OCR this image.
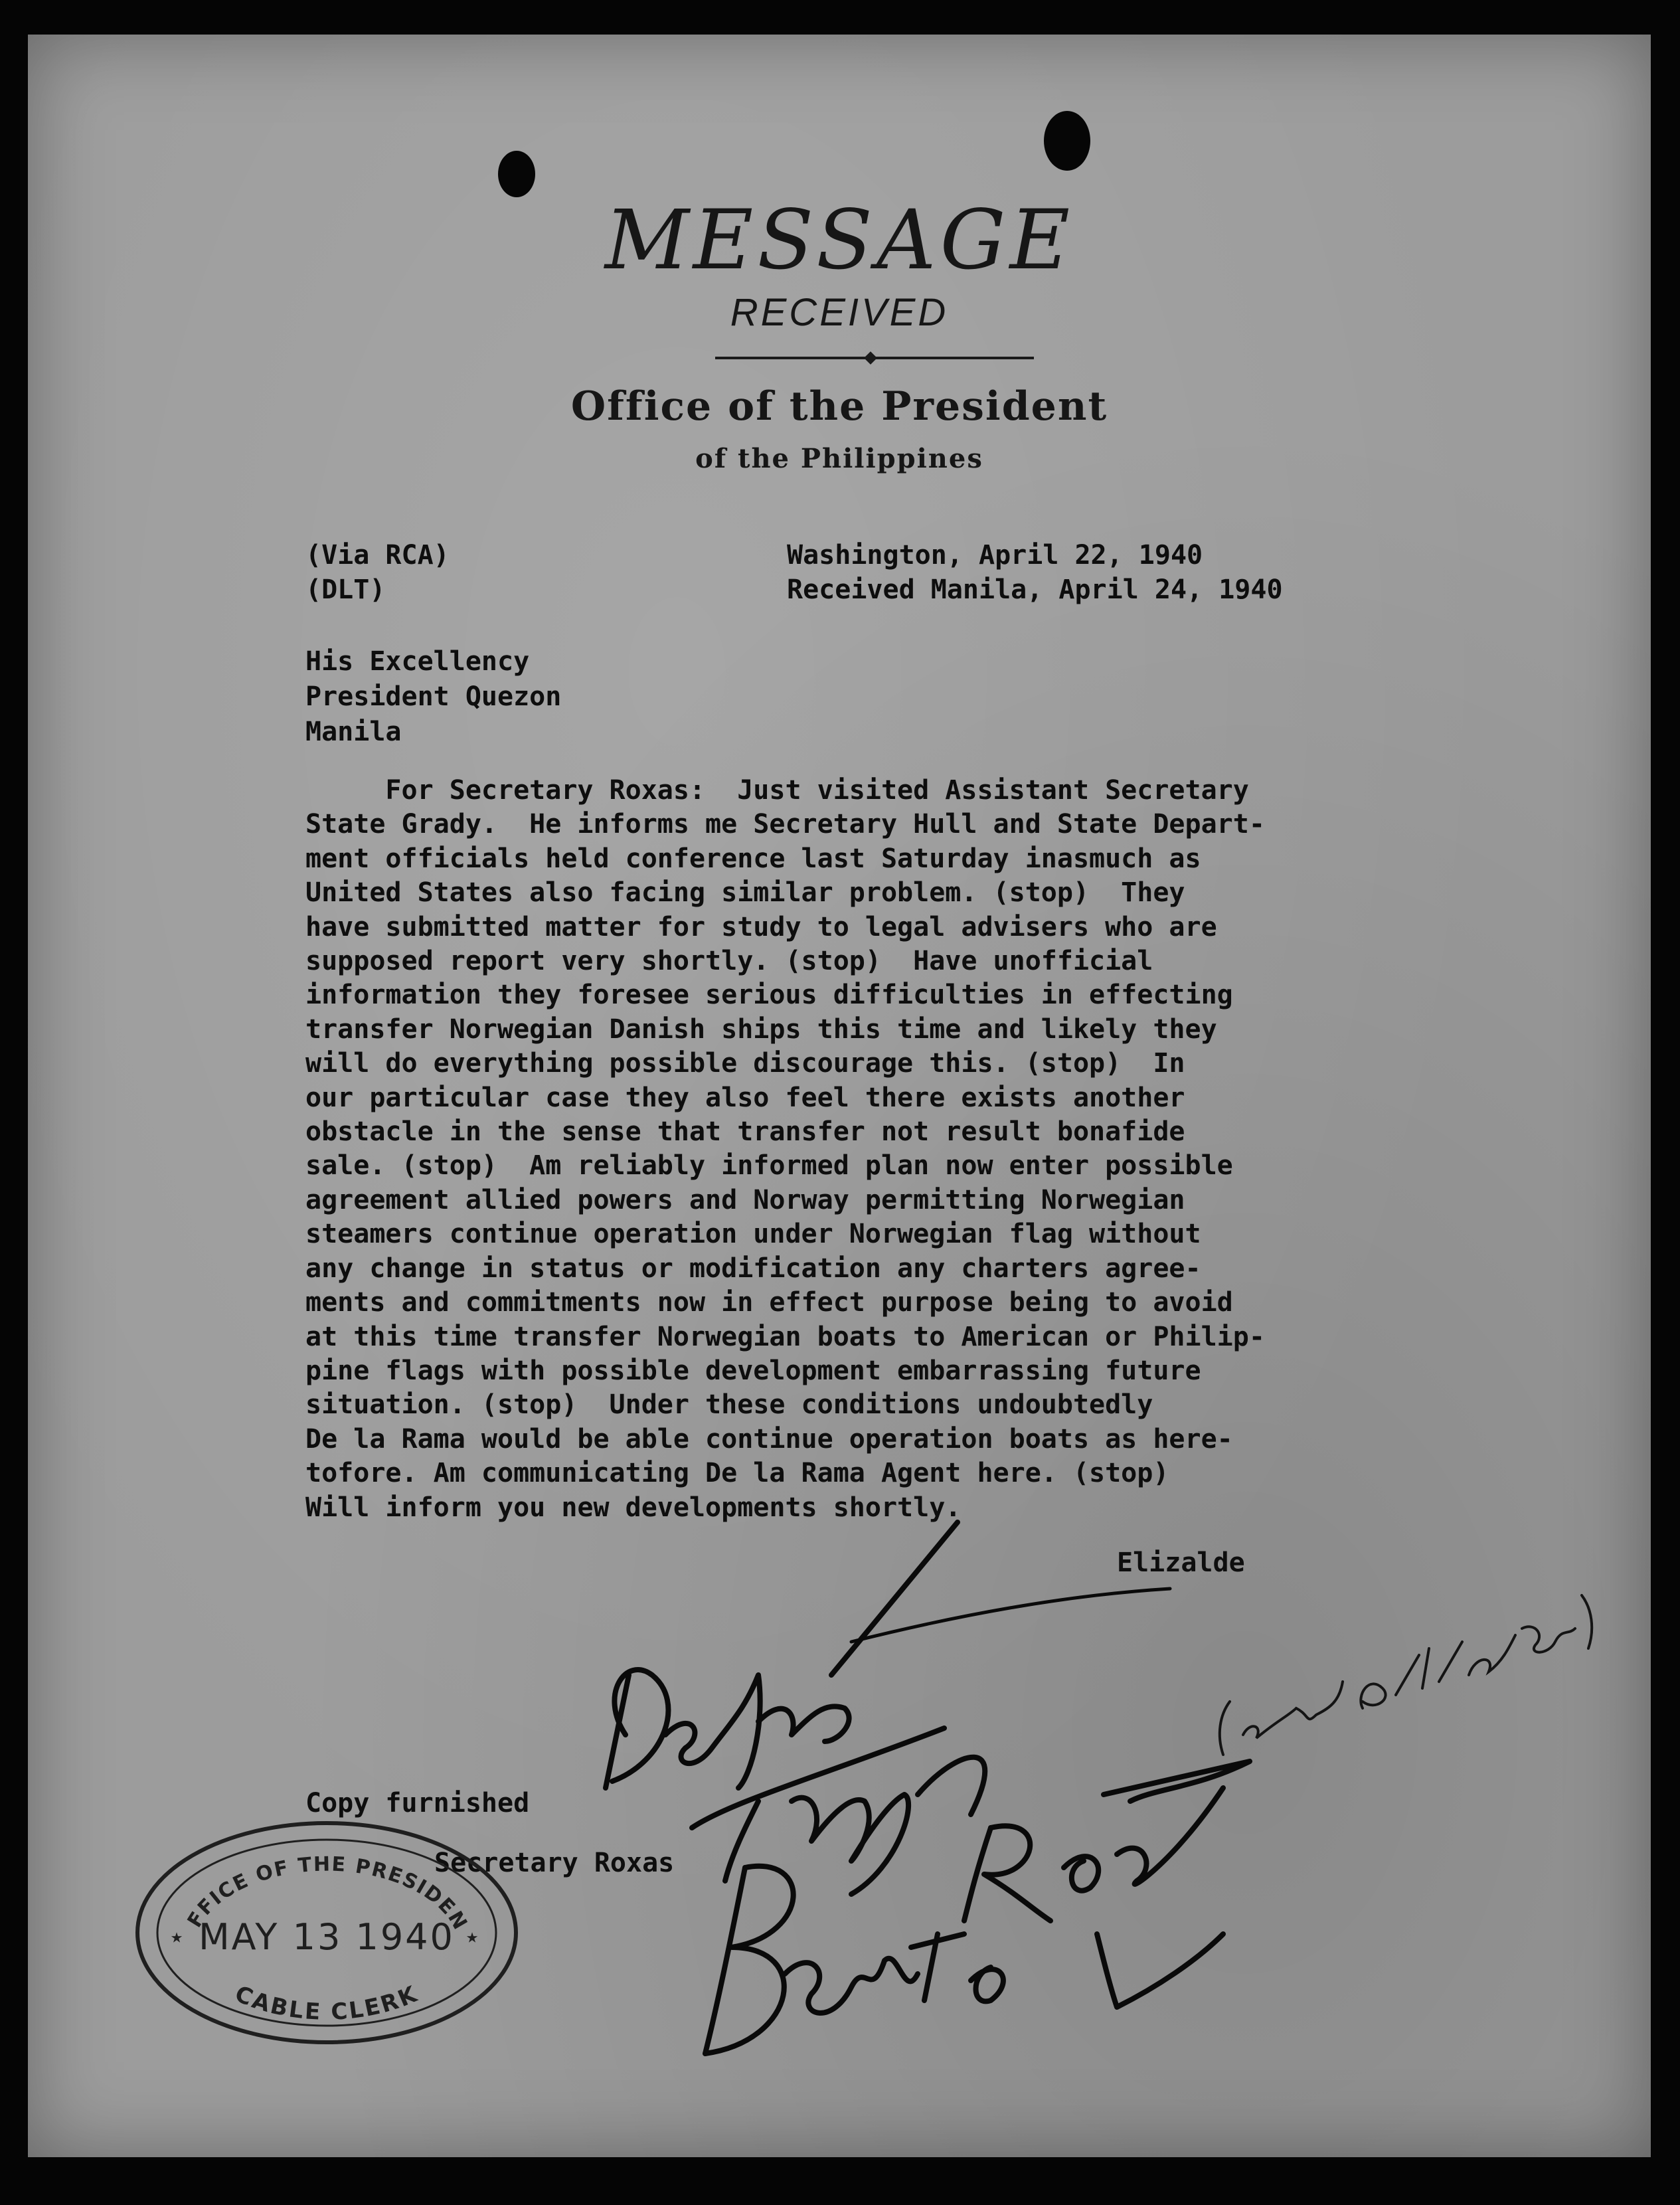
MESSAGE
RECEIVED
Office of the President
of the Philippines
(Via RCA)
(DLT)
Washington, April 22, 1940
Received Manila, April 24, 1940
His Excellency
President Quezon
Manila
For Secretary Roxas:  Just visited Assistant Secretary
State Grady.  He informs me Secretary Hull and State Depart-
ment officials held conference last Saturday inasmuch as
United States also facing similar problem. (stop)  They
have submitted matter for study to legal advisers who are
supposed report very shortly. (stop)  Have unofficial
information they foresee serious difficulties in effecting
transfer Norwegian Danish ships this time and likely they
will do everything possible discourage this. (stop)  In
our particular case they also feel there exists another
obstacle in the sense that transfer not result bonafide
sale. (stop)  Am reliably informed plan now enter possible
agreement allied powers and Norway permitting Norwegian
steamers continue operation under Norwegian flag without
any change in status or modification any charters agree-
ments and commitments now in effect purpose being to avoid
at this time transfer Norwegian boats to American or Philip-
pine flags with possible development embarrassing future
situation. (stop)  Under these conditions undoubtedly
De la Rama would be able continue operation boats as here-
tofore. Am communicating De la Rama Agent here. (stop)
Will inform you new developments shortly.
Elizalde
Copy furnished
Secretary Roxas
FFICE OF THE PRESIDEN
MAY 13 1940
CABLE CLERK
★	★
